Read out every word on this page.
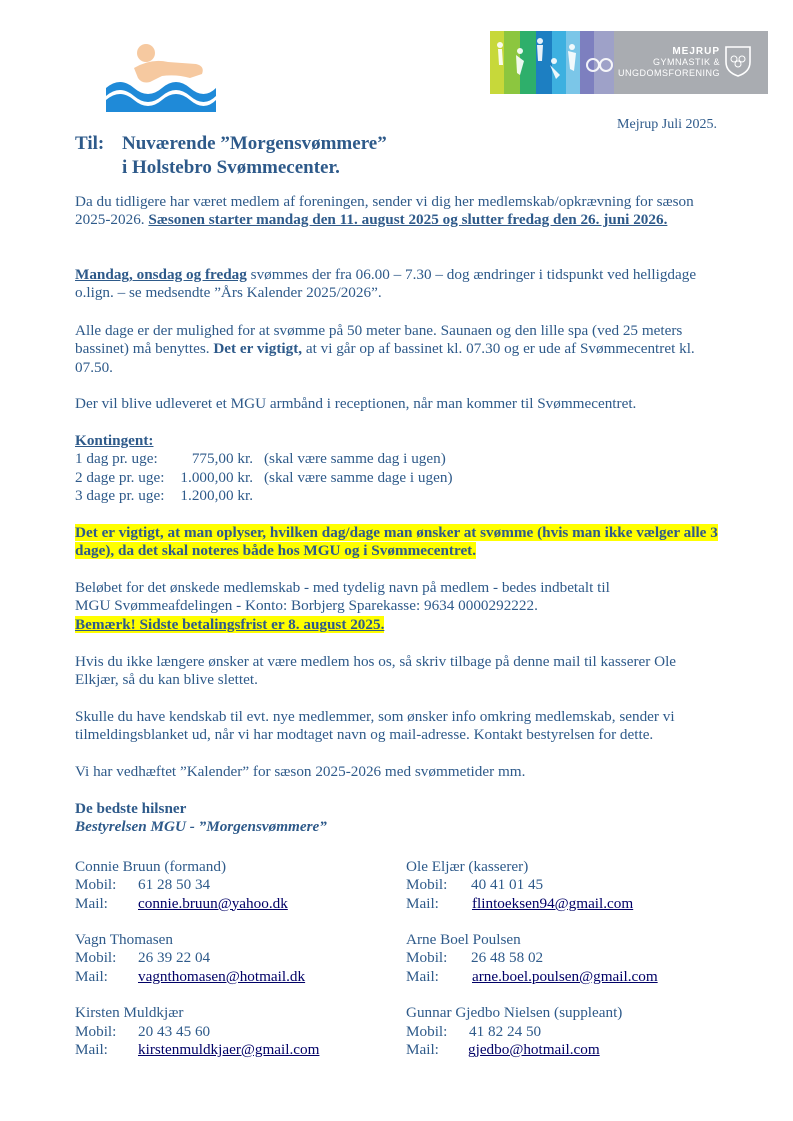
MEJRUP
GYMNASTIK &
UNGDOMSFORENING
Mejrup Juli 2025.
Til: Nuværende ”Morgensvømmere”
i Holstebro Svømmecenter.
Da du tidligere har været medlem af foreningen, sender vi dig her medlemskab/opkrævning for sæson 2025-2026. Sæsonen starter mandag den 11. august 2025 og slutter fredag den 26. juni 2026.
Mandag, onsdag og fredag svømmes der fra 06.00 – 7.30 – dog ændringer i tidspunkt ved helligdage o.lign. – se medsendte ”Års Kalender 2025/2026”.
Alle dage er der mulighed for at svømme på 50 meter bane. Saunaen og den lille spa (ved 25 meters bassinet) må benyttes. Det er vigtigt, at vi går op af bassinet kl. 07.30 og er ude af Svømmecentret kl. 07.50.
Der vil blive udleveret et MGU armbånd i receptionen, når man kommer til Svømmecentret.
Kontingent:
1 dag pr. uge:	775,00 kr. (skal være samme dag i ugen)
2 dage pr. uge:	1.000,00 kr. (skal være samme dage i ugen)
3 dage pr. uge:	1.200,00 kr.
Det er vigtigt, at man oplyser, hvilken dag/dage man ønsker at svømme (hvis man ikke vælger alle 3 dage), da det skal noteres både hos MGU og i Svømmecentret.
Beløbet for det ønskede medlemskab - med tydelig navn på medlem - bedes indbetalt til
MGU Svømmeafdelingen - Konto: Borbjerg Sparekasse: 9634 0000292222.
Bemærk! Sidste betalingsfrist er 8. august 2025.
Hvis du ikke længere ønsker at være medlem hos os, så skriv tilbage på denne mail til kasserer Ole Elkjær, så du kan blive slettet.
Skulle du have kendskab til evt. nye medlemmer, som ønsker info omkring medlemskab, sender vi tilmeldingsblanket ud, når vi har modtaget navn og mail-adresse. Kontakt bestyrelsen for dette.
Vi har vedhæftet ”Kalender” for sæson 2025-2026 med svømmetider mm.
De bedste hilsner
Bestyrelsen MGU - ”Morgensvømmere”
Connie Bruun (formand)
Mobil:	61 28 50 34
Mail:	connie.bruun@yahoo.dk
Vagn Thomasen
Mobil:	26 39 22 04
Mail:	vagnthomasen@hotmail.dk
Kirsten Muldkjær
Mobil:	20 43 45 60
Mail:	kirstenmuldkjaer@gmail.com
Ole Eljær (kasserer)
Mobil:	40 41 01 45
Mail:	flintoeksen94@gmail.com
Arne Boel Poulsen
Mobil:	26 48 58 02
Mail:	arne.boel.poulsen@gmail.com
Gunnar Gjedbo Nielsen (suppleant)
Mobil:	41 82 24 50
Mail:	gjedbo@hotmail.com
